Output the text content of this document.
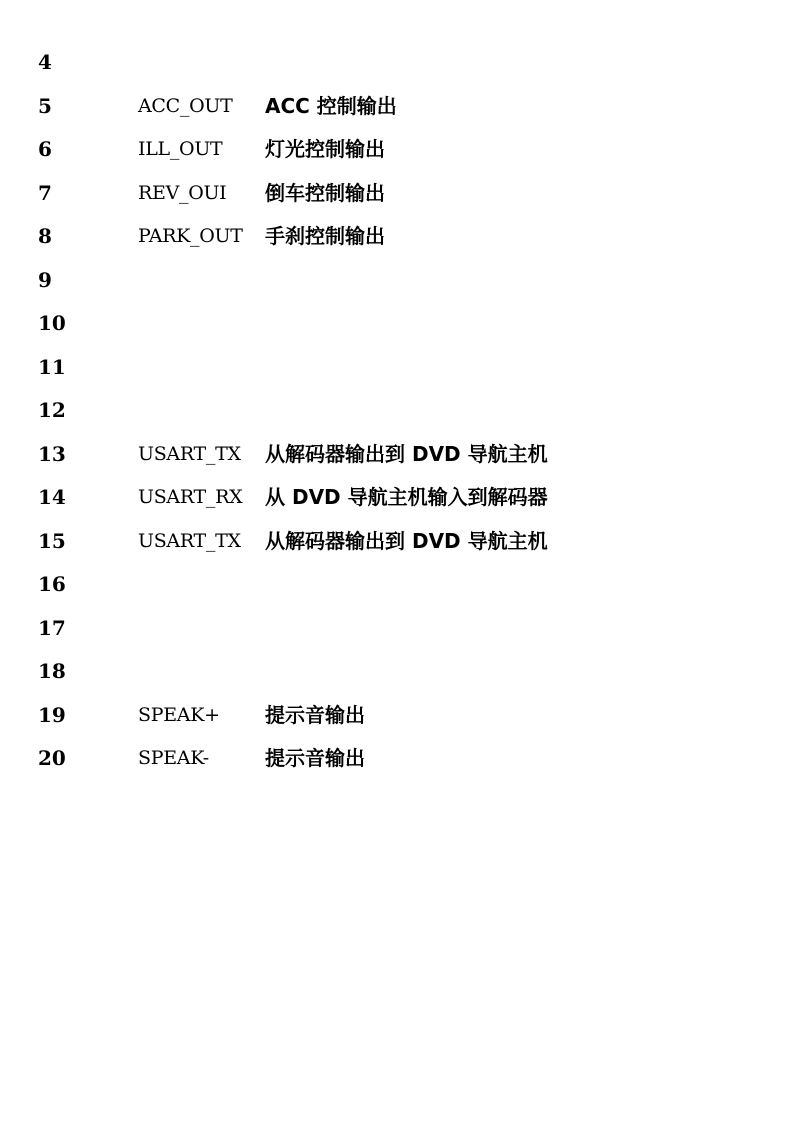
4
5	ACC_OUT ACC 控制输出
6	ILL_OUT 灯光控制输出
7	REV_OUI 倒车控制输出
8	PARK_OUT 手刹控制输出
9
10
11
12
13	USART_TX 从解码器输出到 DVD 导航主机
14	USART_RX 从 DVD 导航主机输入到解码器
15	USART_TX 从解码器输出到 DVD 导航主机
16
17
18
19	SPEAK+ 提示音输出
20	SPEAK-	提示音输出
